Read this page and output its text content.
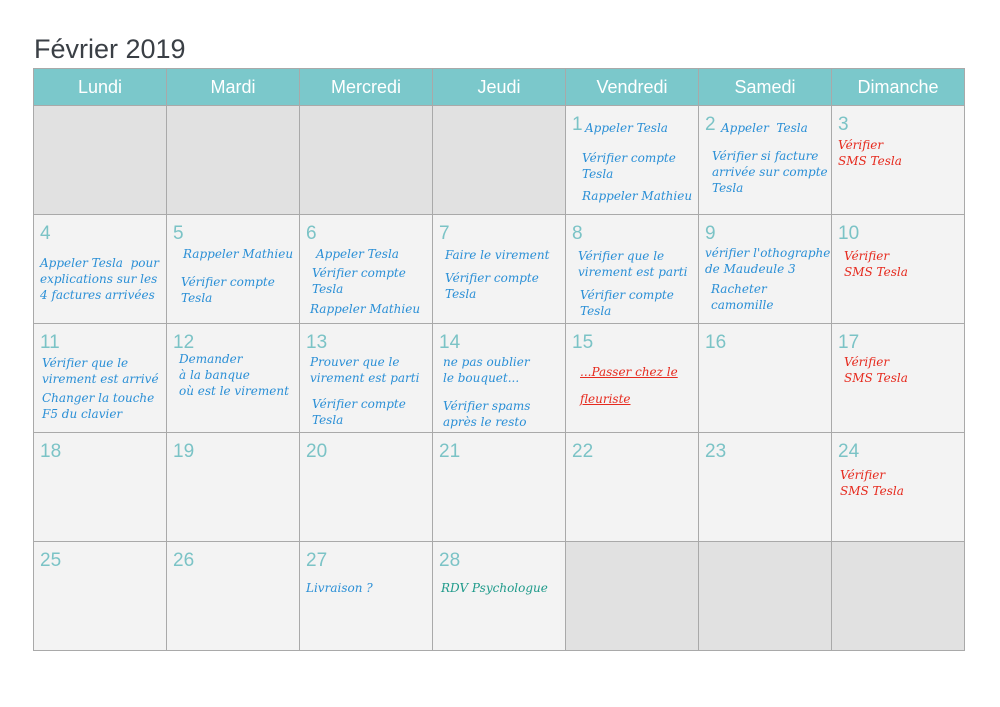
Février 2019
Lundi	Mardi	Mercredi	Jeudi	Vendredi	Samedi	Dimanche

				1 Appeler Tesla
Vérifier compte
Tesla
Rappeler Mathieu	2 Appeler  Tesla
Vérifier si facture
arrivée sur compte
Tesla	3
Vérifier
SMS Tesla

4
Appeler Tesla  pour
explications sur les
4 factures arrivées	5
Rappeler Mathieu
Vérifier compte
Tesla	6
Appeler Tesla
Vérifier compte
Tesla
Rappeler Mathieu	7
Faire le virement
Vérifier compte
Tesla	8
Vérifier que le
virement est parti
Vérifier compte
Tesla	9
vérifier l'othographe
de Maudeule 3
Racheter
camomille	10
Vérifier
SMS Tesla

11
Vérifier que le
virement est arrivé
Changer la touche
F5 du clavier	12
Demander
à la banque
où est le virement	13
Prouver que le
virement est parti
Vérifier compte
Tesla	14
ne pas oublier
le bouquet...
Vérifier spams
après le resto	15
...Passer chez le
fleuriste	16	17
Vérifier
SMS Tesla

18	19	20	21	22	23	24
Vérifier
SMS Tesla

25	26	27
Livraison ?	28
RDV Psychologue			
